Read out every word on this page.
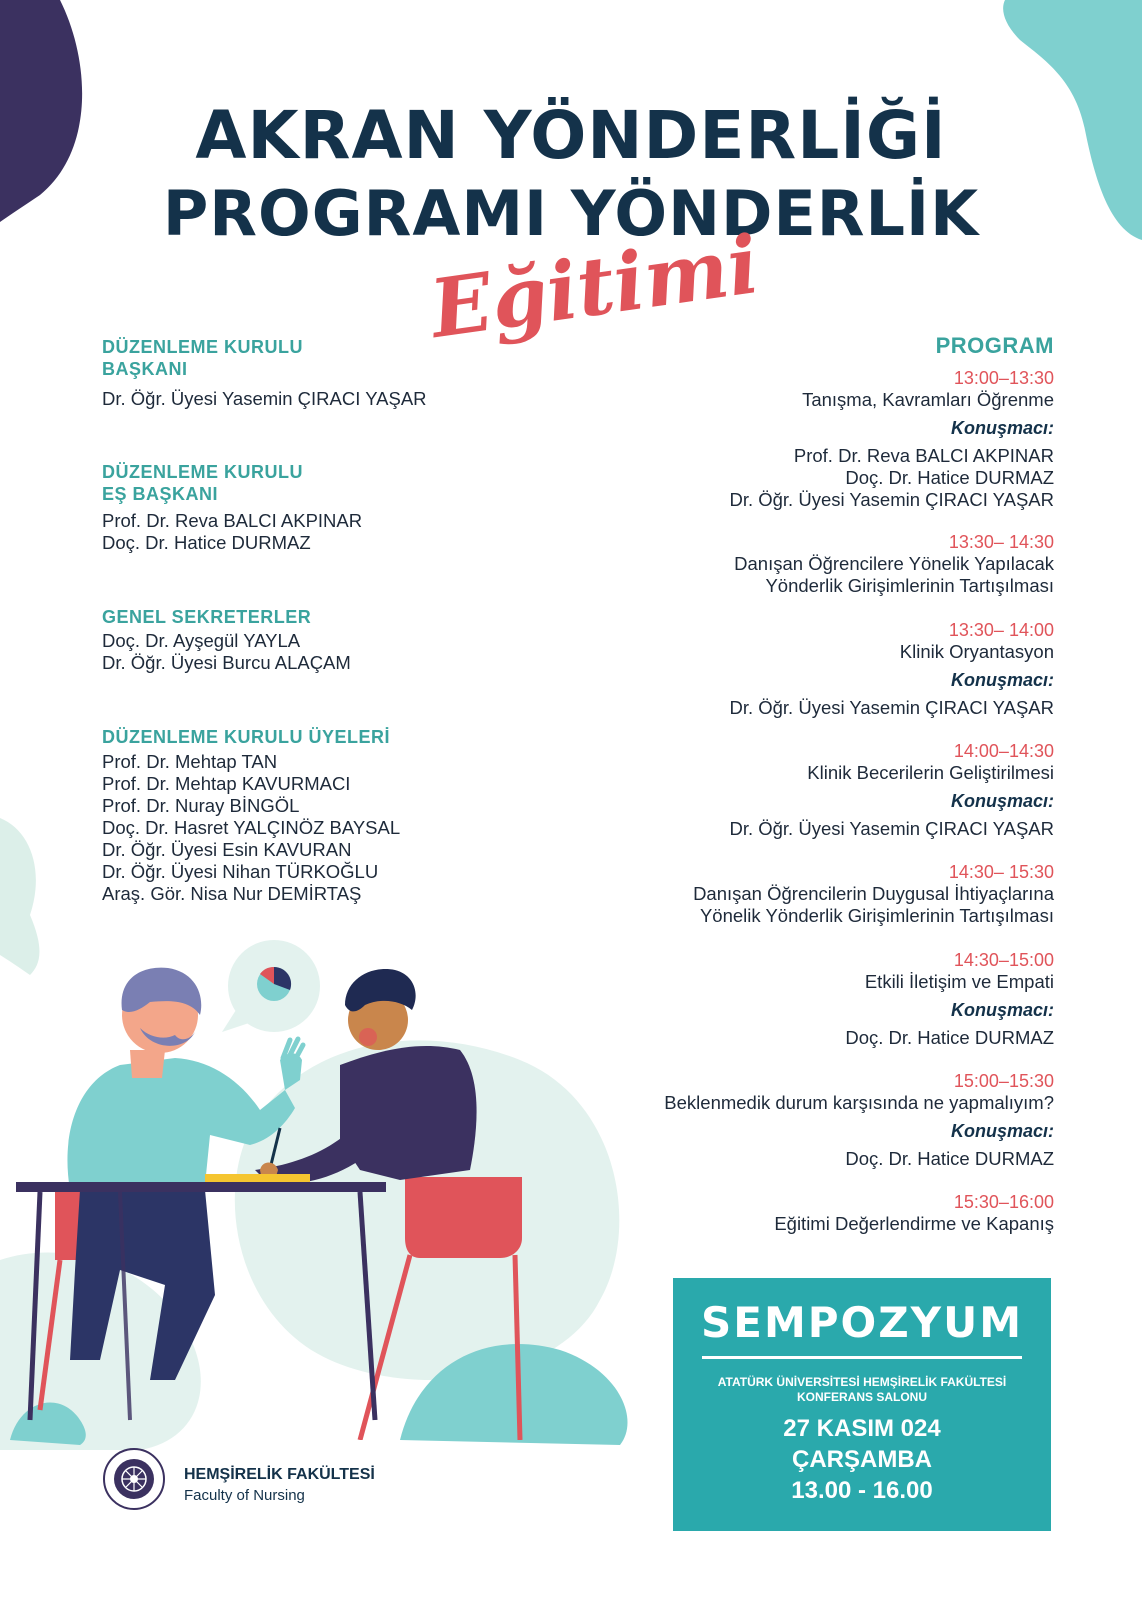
AKRAN YÖNDERLİĞİ
PROGRAMI YÖNDERLİK
Eğitimi
DÜZENLEME KURULU
BAŞKANI
Dr. Öğr. Üyesi Yasemin ÇIRACI YAŞAR
DÜZENLEME KURULU
EŞ BAŞKANI
Prof. Dr. Reva BALCI AKPINAR
Doç. Dr. Hatice DURMAZ
GENEL SEKRETERLER
Doç. Dr. Ayşegül YAYLA
Dr. Öğr. Üyesi Burcu ALAÇAM
DÜZENLEME KURULU ÜYELERİ
Prof. Dr. Mehtap TAN
Prof. Dr. Mehtap KAVURMACI
Prof. Dr. Nuray BİNGÖL
Doç. Dr. Hasret YALÇINÖZ BAYSAL
Dr. Öğr. Üyesi Esin KAVURAN
Dr. Öğr. Üyesi Nihan TÜRKOĞLU
Araş. Gör. Nisa Nur DEMİRTAŞ
PROGRAM
13:00–13:30
Tanışma, Kavramları Öğrenme
Konuşmacı:
Prof. Dr. Reva BALCI AKPINAR
Doç. Dr. Hatice DURMAZ
Dr. Öğr. Üyesi Yasemin ÇIRACI YAŞAR
13:30– 14:30
Danışan Öğrencilere Yönelik Yapılacak
Yönderlik Girişimlerinin Tartışılması
13:30– 14:00
Klinik Oryantasyon
Konuşmacı:
Dr. Öğr. Üyesi Yasemin ÇIRACI YAŞAR
14:00–14:30
Klinik Becerilerin Geliştirilmesi
Konuşmacı:
Dr. Öğr. Üyesi Yasemin ÇIRACI YAŞAR
14:30– 15:30
Danışan Öğrencilerin Duygusal İhtiyaçlarına
Yönelik Yönderlik Girişimlerinin Tartışılması
14:30–15:00
Etkili İletişim ve Empati
Konuşmacı:
Doç. Dr. Hatice DURMAZ
15:00–15:30
Beklenmedik durum karşısında ne yapmalıyım?
Konuşmacı:
Doç. Dr. Hatice DURMAZ
15:30–16:00
Eğitimi Değerlendirme ve Kapanış
SEMPOZYUM
ATATÜRK ÜNİVERSİTESİ HEMŞİRELİK FAKÜLTESİ
KONFERANS SALONU
27 KASIM 024
ÇARŞAMBA
13.00 - 16.00
HEMŞİRELİK FAKÜLTESİ
Faculty of Nursing
